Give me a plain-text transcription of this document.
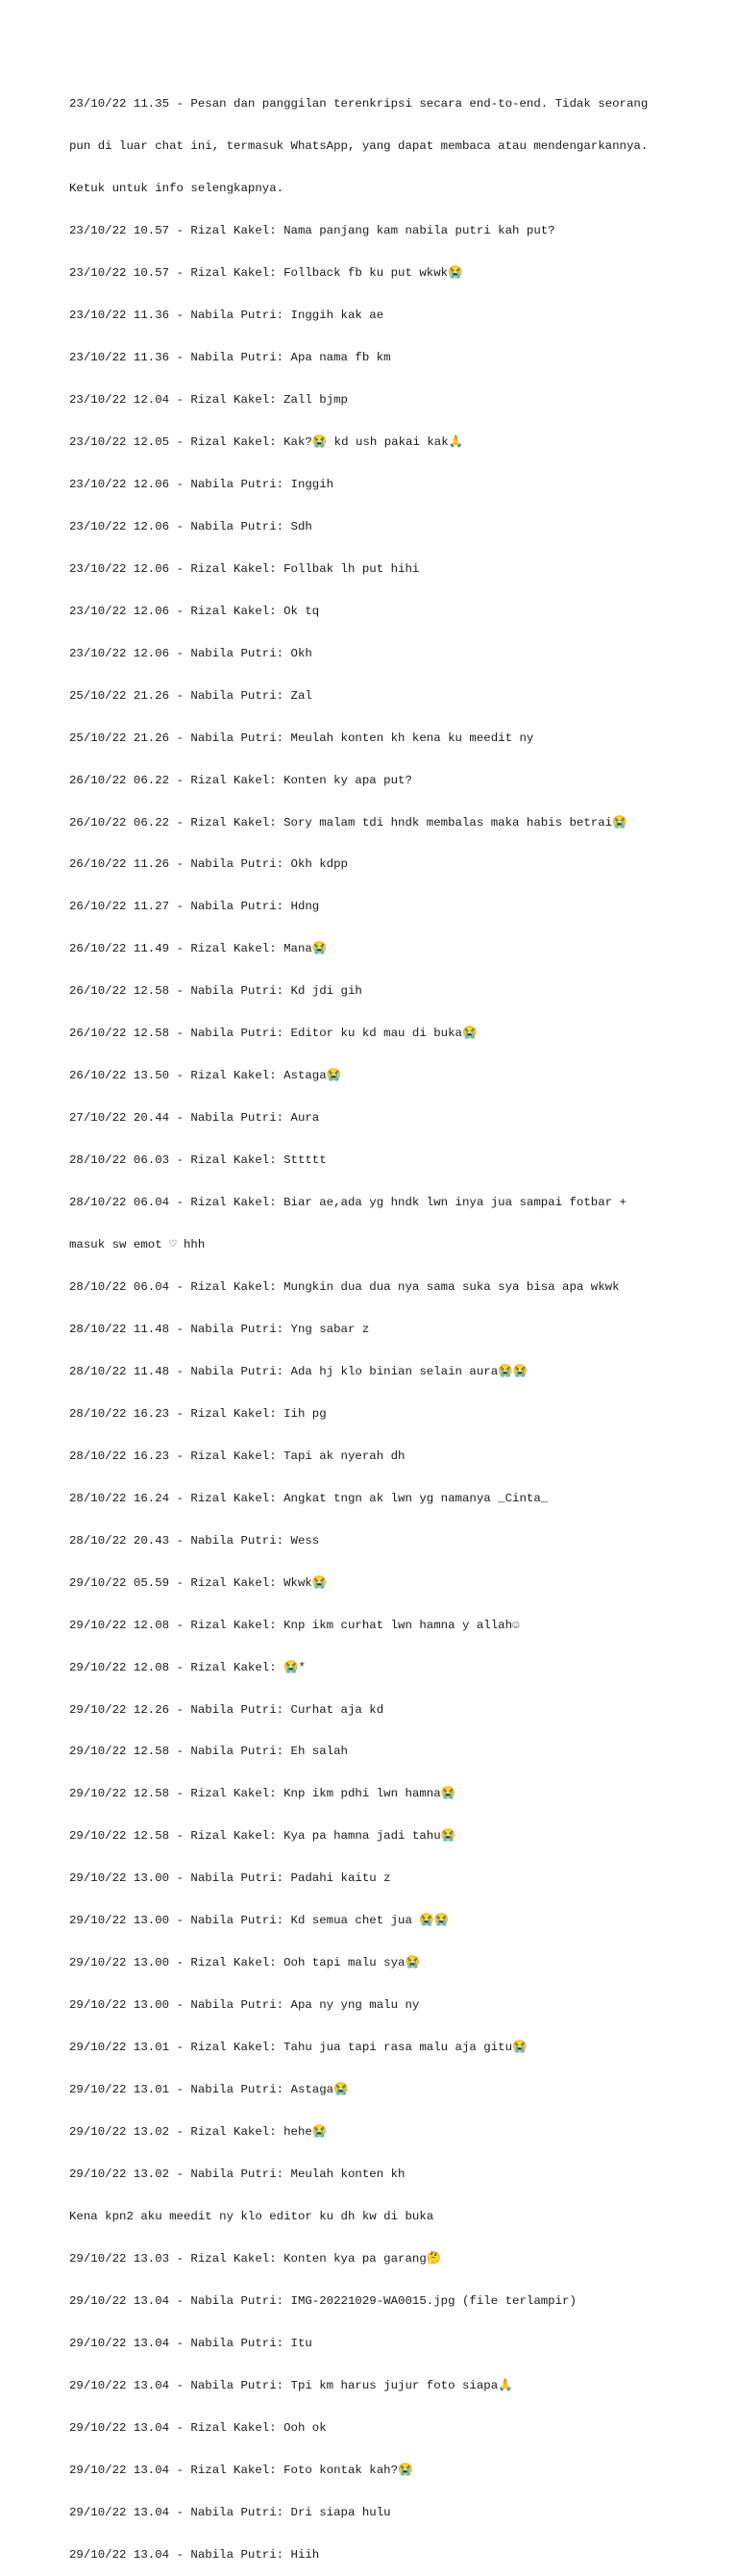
23/10/22 11.35 - Pesan dan panggilan terenkripsi secara end-to-end. Tidak seorang

pun di luar chat ini, termasuk WhatsApp, yang dapat membaca atau mendengarkannya.

Ketuk untuk info selengkapnya.

23/10/22 10.57 - Rizal Kakel: Nama panjang kam nabila putri kah put?

23/10/22 10.57 - Rizal Kakel: Follback fb ku put wkwk😭

23/10/22 11.36 - Nabila Putri: Inggih kak ae

23/10/22 11.36 - Nabila Putri: Apa nama fb km

23/10/22 12.04 - Rizal Kakel: Zall bjmp

23/10/22 12.05 - Rizal Kakel: Kak?😭 kd ush pakai kak🙏

23/10/22 12.06 - Nabila Putri: Inggih

23/10/22 12.06 - Nabila Putri: Sdh

23/10/22 12.06 - Rizal Kakel: Follbak lh put hihi

23/10/22 12.06 - Rizal Kakel: Ok tq

23/10/22 12.06 - Nabila Putri: Okh

25/10/22 21.26 - Nabila Putri: Zal

25/10/22 21.26 - Nabila Putri: Meulah konten kh kena ku meedit ny

26/10/22 06.22 - Rizal Kakel: Konten ky apa put?

26/10/22 06.22 - Rizal Kakel: Sory malam tdi hndk membalas maka habis betrai😭

26/10/22 11.26 - Nabila Putri: Okh kdpp

26/10/22 11.27 - Nabila Putri: Hdng

26/10/22 11.49 - Rizal Kakel: Mana😭

26/10/22 12.58 - Nabila Putri: Kd jdi gih

26/10/22 12.58 - Nabila Putri: Editor ku kd mau di buka😭

26/10/22 13.50 - Rizal Kakel: Astaga😭

27/10/22 20.44 - Nabila Putri: Aura

28/10/22 06.03 - Rizal Kakel: Sttttt

28/10/22 06.04 - Rizal Kakel: Biar ae,ada yg hndk lwn inya jua sampai fotbar +

masuk sw emot ♡ hhh

28/10/22 06.04 - Rizal Kakel: Mungkin dua dua nya sama suka sya bisa apa wkwk

28/10/22 11.48 - Nabila Putri: Yng sabar z

28/10/22 11.48 - Nabila Putri: Ada hj klo binian selain aura😭😭

28/10/22 16.23 - Rizal Kakel: Iih pg

28/10/22 16.23 - Rizal Kakel: Tapi ak nyerah dh

28/10/22 16.24 - Rizal Kakel: Angkat tngn ak lwn yg namanya _Cinta_

28/10/22 20.43 - Nabila Putri: Wess

29/10/22 05.59 - Rizal Kakel: Wkwk😭

29/10/22 12.08 - Rizal Kakel: Knp ikm curhat lwn hamna y allah☺

29/10/22 12.08 - Rizal Kakel: 😭*

29/10/22 12.26 - Nabila Putri: Curhat aja kd

29/10/22 12.58 - Nabila Putri: Eh salah

29/10/22 12.58 - Rizal Kakel: Knp ikm pdhi lwn hamna😭

29/10/22 12.58 - Rizal Kakel: Kya pa hamna jadi tahu😭

29/10/22 13.00 - Nabila Putri: Padahi kaitu z

29/10/22 13.00 - Nabila Putri: Kd semua chet jua 😭😭

29/10/22 13.00 - Rizal Kakel: Ooh tapi malu sya😭

29/10/22 13.00 - Nabila Putri: Apa ny yng malu ny

29/10/22 13.01 - Rizal Kakel: Tahu jua tapi rasa malu aja gitu😭

29/10/22 13.01 - Nabila Putri: Astaga😭

29/10/22 13.02 - Rizal Kakel: hehe😭

29/10/22 13.02 - Nabila Putri: Meulah konten kh

Kena kpn2 aku meedit ny klo editor ku dh kw di buka

29/10/22 13.03 - Rizal Kakel: Konten kya pa garang🤔

29/10/22 13.04 - Nabila Putri: IMG-20221029-WA0015.jpg (file terlampir)

29/10/22 13.04 - Nabila Putri: Itu

29/10/22 13.04 - Nabila Putri: Tpi km harus jujur foto siapa🙏

29/10/22 13.04 - Rizal Kakel: Ooh ok

29/10/22 13.04 - Rizal Kakel: Foto kontak kah?😭

29/10/22 13.04 - Nabila Putri: Dri siapa hulu

29/10/22 13.04 - Nabila Putri: Hiih
